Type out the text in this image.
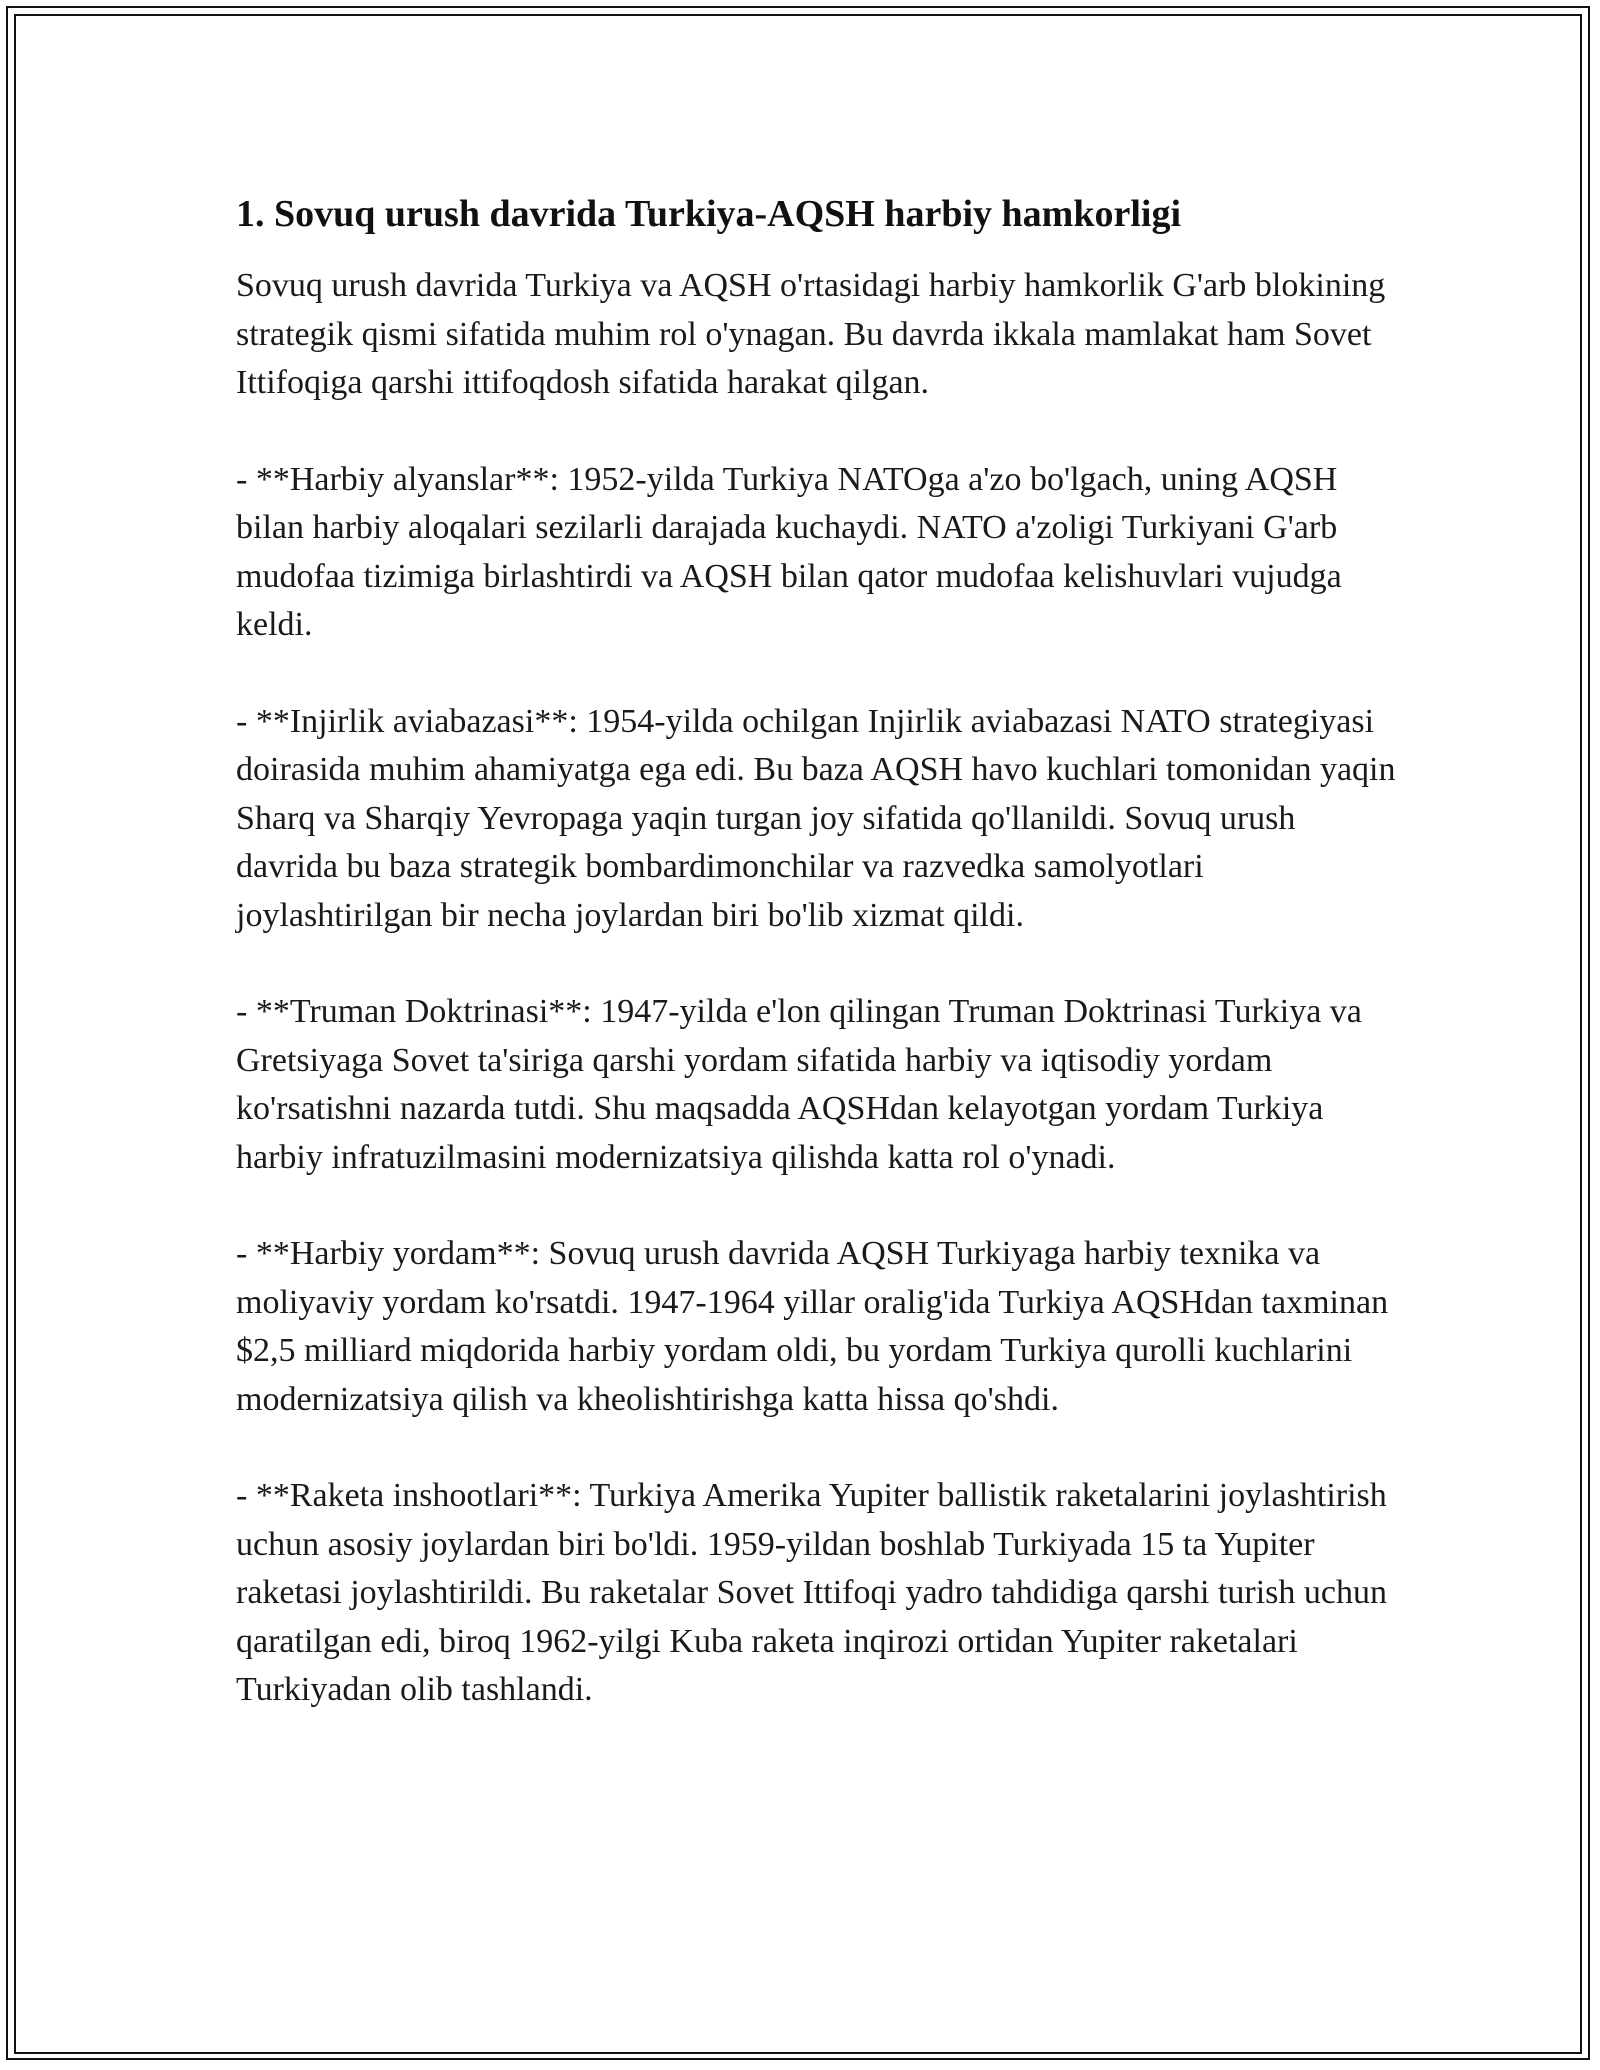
1. Sovuq urush davrida Turkiya-AQSH harbiy hamkorligi

Sovuq urush davrida Turkiya va AQSH o'rtasidagi harbiy hamkorlik G'arb blokining strategik qismi sifatida muhim rol o'ynagan. Bu davrda ikkala mamlakat ham Sovet Ittifoqiga qarshi ittifoqdosh sifatida harakat qilgan.

- **Harbiy alyanslar**: 1952-yilda Turkiya NATOga a'zo bo'lgach, uning AQSH bilan harbiy aloqalari sezilarli darajada kuchaydi. NATO a'zoligi Turkiyani G'arb mudofaa tizimiga birlashtirdi va AQSH bilan qator mudofaa kelishuvlari vujudga keldi.

- **Injirlik aviabazasi**: 1954-yilda ochilgan Injirlik aviabazasi NATO strategiyasi doirasida muhim ahamiyatga ega edi. Bu baza AQSH havo kuchlari tomonidan yaqin Sharq va Sharqiy Yevropaga yaqin turgan joy sifatida qo'llanildi. Sovuq urush davrida bu baza strategik bombardimonchilar va razvedka samolyotlari joylashtirilgan bir necha joylardan biri bo'lib xizmat qildi.

- **Truman Doktrinasi**: 1947-yilda e'lon qilingan Truman Doktrinasi Turkiya va Gretsiyaga Sovet ta'siriga qarshi yordam sifatida harbiy va iqtisodiy yordam ko'rsatishni nazarda tutdi. Shu maqsadda AQSHdan kelayotgan yordam Turkiya harbiy infratuzilmasini modernizatsiya qilishda katta rol o'ynadi.

- **Harbiy yordam**: Sovuq urush davrida AQSH Turkiyaga harbiy texnika va moliyaviy yordam ko'rsatdi. 1947-1964 yillar oralig'ida Turkiya AQSHdan taxminan $2,5 milliard miqdorida harbiy yordam oldi, bu yordam Turkiya qurolli kuchlarini modernizatsiya qilish va kheolishtirishga katta hissa qo'shdi.

- **Raketa inshootlari**: Turkiya Amerika Yupiter ballistik raketalarini joylashtirish uchun asosiy joylardan biri bo'ldi. 1959-yildan boshlab Turkiyada 15 ta Yupiter raketasi joylashtirildi. Bu raketalar Sovet Ittifoqi yadro tahdidiga qarshi turish uchun qaratilgan edi, biroq 1962-yilgi Kuba raketa inqirozi ortidan Yupiter raketalari Turkiyadan olib tashlandi.
